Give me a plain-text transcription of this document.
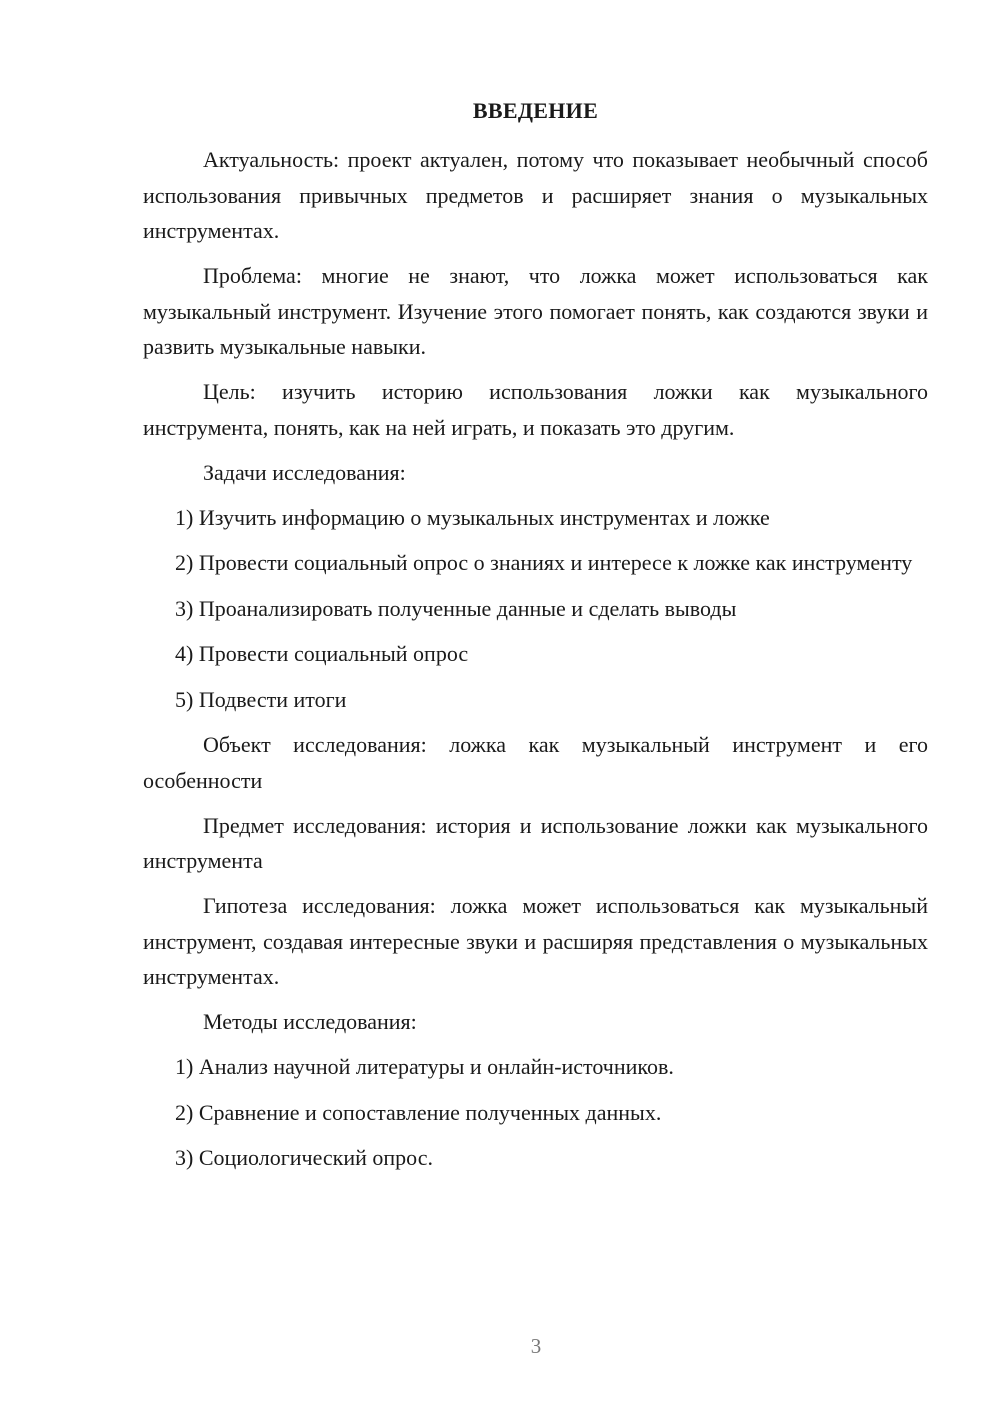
ВВЕДЕНИЕ

Актуальность: проект актуален, потому что показывает необычный способ использования привычных предметов и расширяет знания о музыкальных инструментах.

Проблема: многие не знают, что ложка может использоваться как музыкальный инструмент. Изучение этого помогает понять, как создаются звуки и развить музыкальные навыки.

Цель: изучить историю использования ложки как музыкального инструмента, понять, как на ней играть, и показать это другим.

Задачи исследования:

1) Изучить информацию о музыкальных инструментах и ложке

2) Провести социальный опрос о знаниях и интересе к ложке как инструменту

3) Проанализировать полученные данные и сделать выводы

4) Провести социальный опрос

5) Подвести итоги

Объект исследования: ложка как музыкальный инструмент и его особенности

Предмет исследования: история и использование ложки как музыкального инструмента

Гипотеза исследования: ложка может использоваться как музыкальный инструмент, создавая интересные звуки и расширяя представления о музыкальных инструментах.

Методы исследования:

1) Анализ научной литературы и онлайн-источников.

2) Сравнение и сопоставление полученных данных.

3) Социологический опрос.

3
